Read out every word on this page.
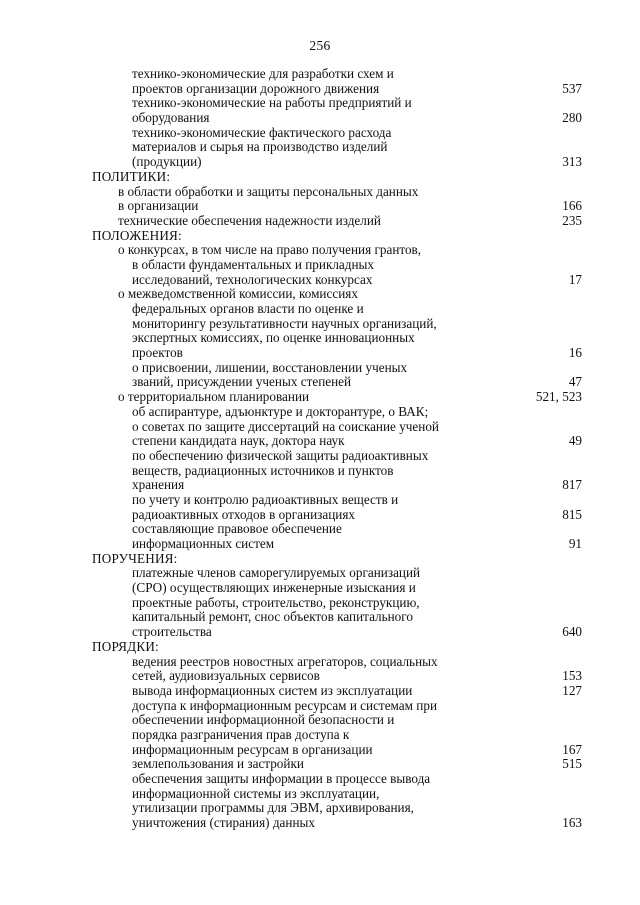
256
технико-экономические для разработки схем и
проектов организации дорожного движения	537
технико-экономические на работы предприятий и
оборудования	280
технико-экономические фактического расхода
материалов и сырья на производство изделий
(продукции)	313
ПОЛИТИКИ:
в области обработки и защиты персональных данных
в организации	166
технические обеспечения надежности изделий	235
ПОЛОЖЕНИЯ:
о конкурсах, в том числе на право получения грантов,
в области фундаментальных и прикладных
исследований, технологических конкурсах	17
о межведомственной комиссии, комиссиях
федеральных органов власти по оценке и
мониторингу результативности научных организаций,
экспертных комиссиях, по оценке инновационных
проектов	16
о присвоении, лишении, восстановлении ученых
званий, присуждении ученых степеней	47
о территориальном планировании	521, 523
об аспирантуре, адъюнктуре и докторантуре, о ВАК;
о советах по защите диссертаций на соискание ученой
степени кандидата наук, доктора наук	49
по обеспечению физической защиты радиоактивных
веществ, радиационных источников и пунктов
хранения	817
по учету и контролю радиоактивных веществ и
радиоактивных отходов в организациях	815
составляющие правовое обеспечение
информационных систем	91
ПОРУЧЕНИЯ:
платежные членов саморегулируемых организаций
(СРО) осуществляющих инженерные изыскания и
проектные работы, строительство, реконструкцию,
капитальный ремонт, снос объектов капитального
строительства	640
ПОРЯДКИ:
ведения реестров новостных агрегаторов, социальных
сетей, аудиовизуальных сервисов	153
вывода информационных систем из эксплуатации	127
доступа к информационным ресурсам и системам при
обеспечении информационной безопасности и
порядка разграничения прав доступа к
информационным ресурсам в организации	167
землепользования и застройки	515
обеспечения защиты информации в процессе вывода
информационной системы из эксплуатации,
утилизации программы для ЭВМ, архивирования,
уничтожения (стирания) данных	163
